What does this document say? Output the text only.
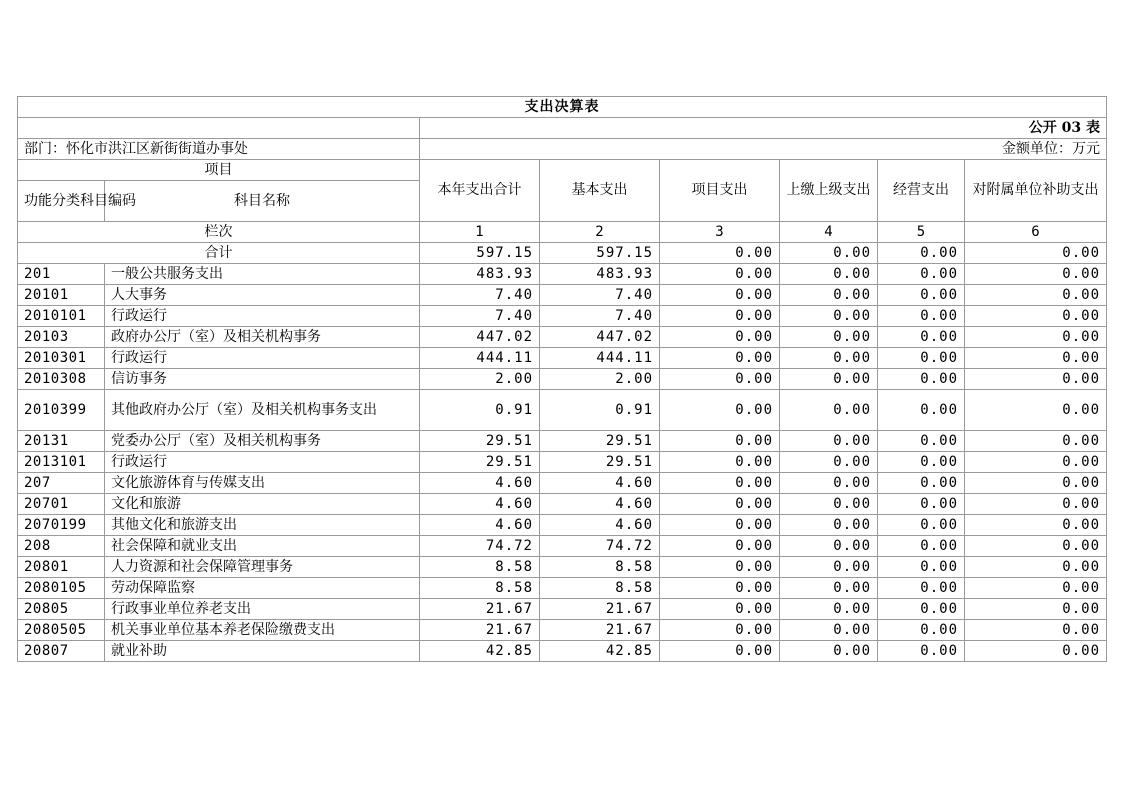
支出决算表							
		公开 03 表					
部门：怀化市洪江区新街街道办事处		金额单位：万元					
项目		本年支出合计	基本支出	项目支出	上缴上级支出	经营支出	对附属单位补助支出
功能分类科目编码	科目名称						
栏次		1	2	3	4	5	6
合计		597.15	597.15	0.00	0.00	0.00	0.00
201	一般公共服务支出	483.93	483.93	0.00	0.00	0.00	0.00
20101	人大事务	7.40	7.40	0.00	0.00	0.00	0.00
2010101	行政运行	7.40	7.40	0.00	0.00	0.00	0.00
20103	政府办公厅（室）及相关机构事务	447.02	447.02	0.00	0.00	0.00	0.00
2010301	行政运行	444.11	444.11	0.00	0.00	0.00	0.00
2010308	信访事务	2.00	2.00	0.00	0.00	0.00	0.00
2010399	其他政府办公厅（室）及相关机构事务支出	0.91	0.91	0.00	0.00	0.00	0.00
20131	党委办公厅（室）及相关机构事务	29.51	29.51	0.00	0.00	0.00	0.00
2013101	行政运行	29.51	29.51	0.00	0.00	0.00	0.00
207	文化旅游体育与传媒支出	4.60	4.60	0.00	0.00	0.00	0.00
20701	文化和旅游	4.60	4.60	0.00	0.00	0.00	0.00
2070199	其他文化和旅游支出	4.60	4.60	0.00	0.00	0.00	0.00
208	社会保障和就业支出	74.72	74.72	0.00	0.00	0.00	0.00
20801	人力资源和社会保障管理事务	8.58	8.58	0.00	0.00	0.00	0.00
2080105	劳动保障监察	8.58	8.58	0.00	0.00	0.00	0.00
20805	行政事业单位养老支出	21.67	21.67	0.00	0.00	0.00	0.00
2080505	机关事业单位基本养老保险缴费支出	21.67	21.67	0.00	0.00	0.00	0.00
20807	就业补助	42.85	42.85	0.00	0.00	0.00	0.00
